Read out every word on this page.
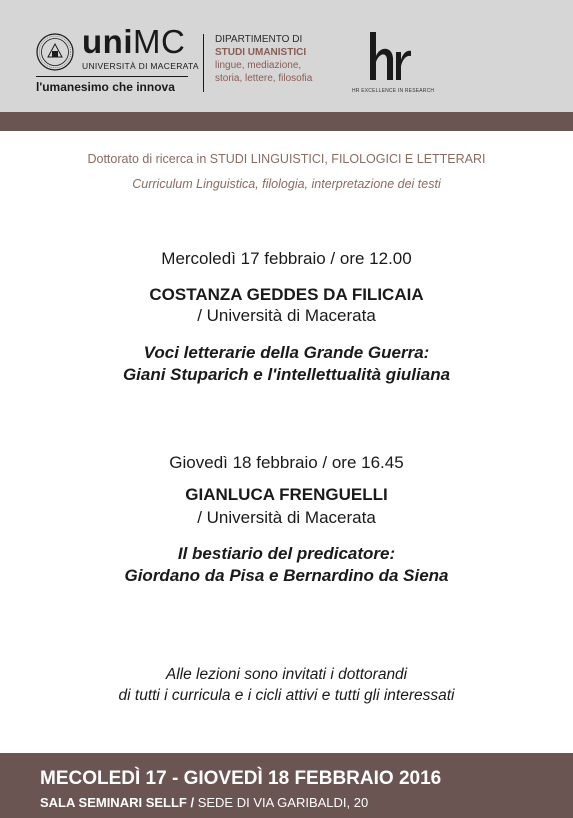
uniMC
UNIVERSITÀ DI MACERATA
l'umanesimo che innova
DIPARTIMENTO DI
STUDI UMANISTICI
lingue, mediazione,
storia, lettere, filosofia
HR EXCELLENCE IN RESEARCH
Dottorato di ricerca in STUDI LINGUISTICI, FILOLOGICI E LETTERARI
Curriculum Linguistica, filologia, interpretazione dei testi
Mercoledì 17 febbraio / ore 12.00
COSTANZA GEDDES DA FILICAIA
/ Università di Macerata
Voci letterarie della Grande Guerra:
Giani Stuparich e l'intellettualità giuliana
Giovedì 18 febbraio / ore 16.45
GIANLUCA FRENGUELLI
/ Università di Macerata
Il bestiario del predicatore:
Giordano da Pisa e Bernardino da Siena
Alle lezioni sono invitati i dottorandi
di tutti i curricula e i cicli attivi e tutti gli interessati
MECOLEDÌ 17 - GIOVEDÌ 18 FEBBRAIO 2016
SALA SEMINARI SELLF / SEDE DI VIA GARIBALDI, 20
